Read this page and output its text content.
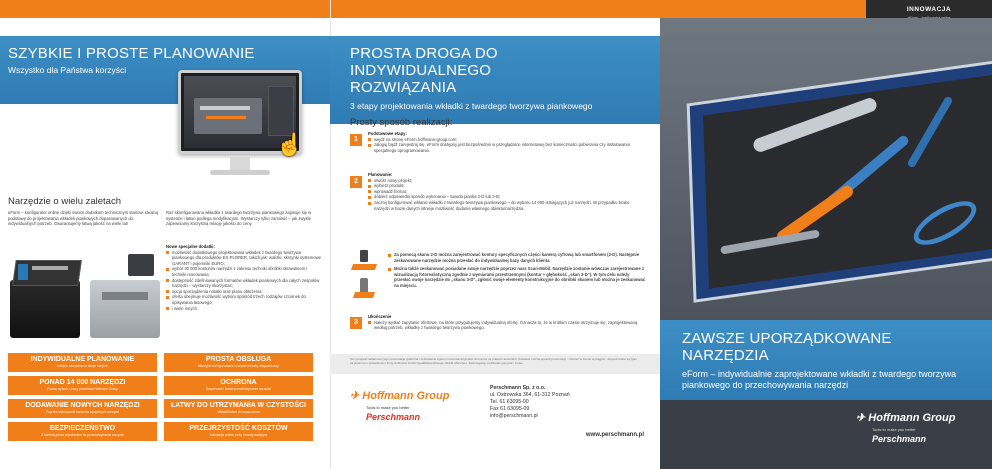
SZYBKIE I PROSTE PLANOWANIE
Wszystko dla Państwa korzyści
☝
Narzędzie o wielu zaletach
eForm – konfigurator online dzięki swoim dodatkom technicznym stanowi idealną podstawę do projektowania wkładek piankowych dopasowanych do indywidualnych potrzeb. Gwarantujemy łatwą jakość na wiele lat!
Raz skonfigurowana wkładka z twardego tworzywa piankowego zapisuje się w systemie i łatwo podlega modyfikacjom. Wystarczy tylko zamówić – jak zwykle zapewniamy korzystną relację jakości do ceny.
Nowe specjalne dodatki:
możliwość dodatkowego projektowania wkładek z twardego tworzywa piankowego dla produktów EX-PLORER, takich jak: walizki, skrzynki systemowe GARANT i pojemniki EURO;
wybór 30 000 konturów narzędzi z zakresu techniki obróbki skrawaniem i techniki mocowania;
dostępność zdefiniowanych formatów wkładek piankowych dla całych zespołów narzędzi – wystarczy skorzystać;
opcja sporządzenia notatki oraz planu obłożenia;
oferta obejmuje możliwość wyboru spośród trzech rodzajów czcionek do opisywania łasowego;
i wiele innych.
INDYWIDUALNE PLANOWANIE
Kolejne narzędzia na swoje miejsce
PROSTA OBSŁUGA
Intuicyjne konfigurowanie narzędzi metodą drag-and-drop
PONAD 14 000 NARZĘDZI
Proszę wybrać z bazy produktów Hoffmann Group
OCHRONA
Bezpieczne i trwałe przechowywanie narzędzi
DODAWANIE NOWYCH NARZĘDZI
Poprzez skanowanie konturów wysyłanych narzędzi
ŁATWY DO UTRZYMANIA W CZYSTOŚCI
Wkładki łatwe do czyszczenia
BEZPIECZEŃSTWO
Z kontrolą przed wycofaniem do przechowywania narzędzi
PRZEJRZYSTOŚĆ KOSZTÓW
Kalkulacja online, ceny i koszty nadające
PROSTA DROGA DO INDYWIDUALNEGO ROZWIĄZANIA
3 etapy projektowania wkładki z twardego tworzywa piankowego
Prosty sposób realizacji:
1
Podstawowe etapy:
wejdź na stronę eForm.hoffmann-group.com;
zaloguj bądź zarejestruj się. eForm dostępny jest bezpośrednio w przeglądarce internetowej bez konieczności pobierania czy instalowania specjalnego oprogramowania.
2
Planowanie:
utwórz nowy projekt;
wybierz produkt;
wprowadź format;
dobierz odpowiedni sposób wykonania – twarda pianka 2-D lub 3-D;
zacznij konfigurować wkłanie wkładki z twardego tworzywa piankowego – do wyboru 14 000 istniejących już narzędzi. W przypadku braku narzędzi w bazie danych istnieje możliwość dodania własnego obiektu/narzędzia.
Za pomocą skanu 2-D można zarejestrować kontury specyficznych części kamerą cyfrową lub smartfonem (2-D). Następnie zeskanowane narzędzie można przesłać do indywidualnej bazy danych klienta.
Można także zeskanować posiadane swoje narzędzie poprzez nasz Scan-Mobil. Narzędzie zostanie wówczas zarejestrowane z wizualizacją fotorealistyczną zgodnie z wymiarami przestrzennymi (kontur + głębokość „skan 3-D"). W tym celu należy przesłać swoje narzędzie do „skanu 3-D", zgłosić swoje elementy konstrukcyjne do obróbki skanem lub można je zeskanować na miejscu.
3
Ukończenie
Należy wysłać zapytanie ofertowe, na które przygotujemy indywidualną ofertę. Oznacza to, że w krótkim czasie otrzymuje się, zaprojektowaną według potrzeb, wkładkę z twardego tworzywa piankowego.
Ten prospekt reklamowy jego prezentacja graficzna i zestawienie system numerów artykułów chronione są prawem autorskim. Powielać można sposób prezentacji - również w formie wyciągów - dopuszczalne są tylko za pisemnym zezwoleniem firmy Hoffmann GmbH Qualitätswerkzeuge, 81241 München. Zastrzegamy możliwość pomyłek i zmian.
✈ Hoffmann Group
Tools to make you better
Perschmann
Perschmann Sp. z o.o.
ul. Ostrowska 364, 61-312 Poznań
Tel. 61 63095-00
Fax 61 63095-09
info@perschmann.pl
www.perschmann.pl
INNOWACJA
ZAWSZE UPORZĄDKOWANE NARZĘDZIA
eForm – indywidualnie zaprojektowane wkładki z twardego tworzywa piankowego do przechowywania narzędzi
✈ Hoffmann Group
Tools to make you better
Perschmann
